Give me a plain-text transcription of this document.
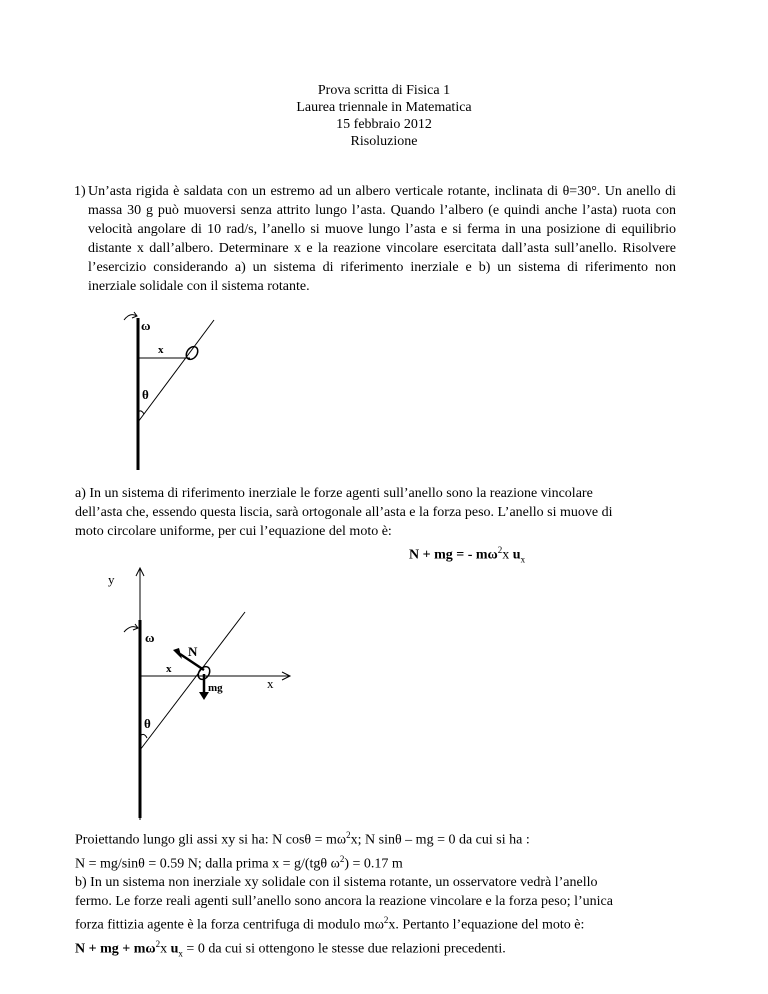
Prova scritta di Fisica 1
Laurea triennale in Matematica
15 febbraio 2012
Risoluzione
1) Un’asta rigida è saldata con un estremo ad un albero verticale rotante, inclinata di θ=30°. Un anello di massa 30 g può muoversi senza attrito lungo l’asta. Quando l’albero (e quindi anche l’asta) ruota con velocità angolare di 10 rad/s, l’anello si muove lungo l’asta e si ferma in una posizione di equilibrio distante x dall’albero. Determinare x e la reazione vincolare esercitata dall’asta sull’anello. Risolvere l’esercizio considerando a) un sistema di riferimento inerziale e b) un sistema di riferimento non inerziale solidale con il sistema rotante.
ω
x
θ
a) In un sistema di riferimento inerziale le forze agenti sull’anello sono la reazione vincolare
dell’asta che, essendo questa liscia, sarà ortogonale all’asta e la forza peso. L’anello si muove di
moto circolare uniforme, per cui l’equazione del moto è:
N + mg = - $m\omega^2x$ $u_x$
y
x
ω
N
x
mg
θ
Proiettando lungo gli assi xy si ha: N $\cos\theta = m\omega^2x$; N sinθ – mg = 0 da cui si ha :
N = mg/sinθ = 0.59 N; dalla prima x = g/(tgθ $\omega^2) = 0.17$ m
b) In un sistema non inerziale xy solidale con il sistema rotante, un osservatore vedrà l’anello
fermo. Le forze reali agenti sull’anello sono ancora la reazione vincolare e la forza peso; l’unica
forza fittizia agente è la forza centrifuga di modulo $m\omega^2x$. Pertanto l’equazione del moto è:
N + mg + $m\omega^2x$ $u_x = 0$ da cui si ottengono le stesse due relazioni precedenti.
